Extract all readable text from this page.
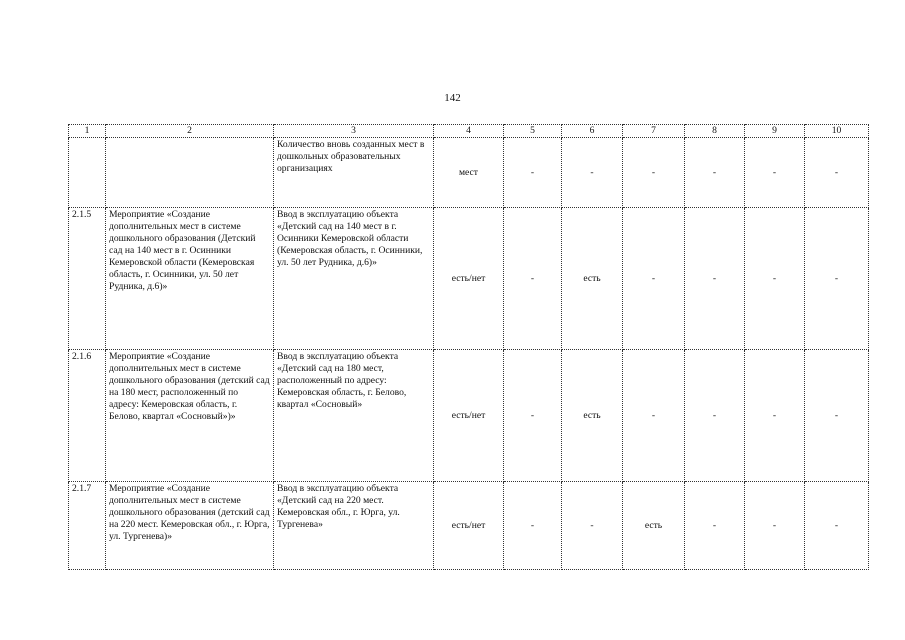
142
1	2	3	4	5	6	7	8	9	10
		Количество вновь созданных мест в дошкольных образовательных организациях	мест	-	-	-	-	-	-
2.1.5	Мероприятие «Создание дополнительных мест в системе дошкольного образования (Детский сад на 140 мест в г. Осинники Кемеровской области (Кемеровская область, г. Осинники, ул. 50 лет Рудника, д.6)»	Ввод в эксплуатацию объекта «Детский сад на 140 мест в г. Осинники Кемеровской области (Кемеровская область, г. Осинники, ул. 50 лет Рудника, д.6)»	есть/нет	-	есть	-	-	-	-
2.1.6	Мероприятие «Создание дополнительных мест в системе дошкольного образования (детский сад на 180 мест, расположенный по адресу: Кемеровская область, г. Белово, квартал «Сосновый»)»	Ввод в эксплуатацию объекта «Детский сад на 180 мест, расположенный по адресу: Кемеровская область, г. Белово, квартал «Сосновый»	есть/нет	-	есть	-	-	-	-
2.1.7	Мероприятие «Создание дополнительных мест в системе дошкольного образования (детский сад на 220 мест. Кемеровская обл., г. Юрга, ул. Тургенева)»	Ввод в эксплуатацию объекта «Детский сад на 220 мест. Кемеровская обл., г. Юрга, ул. Тургенева»	есть/нет	-	-	есть	-	-	-
